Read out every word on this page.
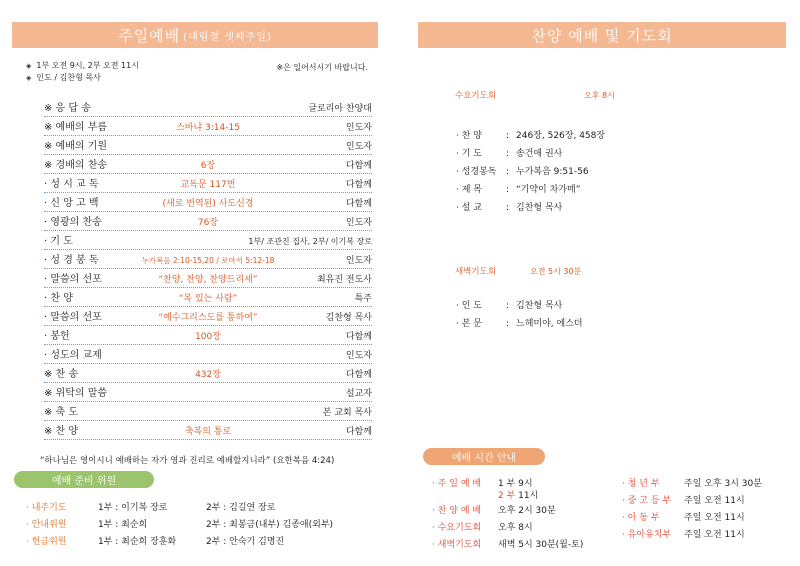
주일예배 (대림절 셋째주일)
◈ 1부 오전 9시, 2부 오전 11시
◈ 인도 / 김찬형 목사
※은 일어서시기 바랍니다.
※ 응 답 송	글로리아 찬양대
※ 예배의 부름	스바냐 3:14-15	인도자
※ 예배의 기원	인도자
※ 경배의 찬송	6장	다함께
· 성 시 교 독	교독문 117번	다함께
· 신 앙 고 백	(새로 번역된) 사도신경	다함께
· 영광의 찬송	76장	인도자
· 기 도	1부/ 조관진 집사, 2부/ 이기복 장로
· 성 경 봉 독	누가복음 2:10-15,20 / 로마서 5:12-18	인도자
· 말씀의 선포	“찬양, 찬양, 찬양드리세”	최유진 전도사
· 찬 양	“복 있는 사람”	특주
· 말씀의 선포	“예수그리스도를 통하여”	김찬형 목사
· 봉헌	100장	다함께
· 성도의 교제	인도자
※ 찬 송	432장	다함께
※ 위탁의 말씀	설교자
※ 축 도	본 교회 목사
※ 찬 양	축복의 통로	다함께
“하나님은 영이시니 예배하는 자가 영과 진리로 예배할지니라” (요한복음 4:24)
예배 준비 위원
· 내주기도	1부 : 이기복 장로	2부 : 김길연 장로
· 안내위원	1부 : 최순희	2부 : 최봉금(내부) 김종애(외부)
· 헌금위원	1부 : 최순희 장훈화	2부 : 안숙기 김명진
찬양 예배 및 기도회
수요기도회	오후 8시
· 찬 양	: 246장, 526장, 458장
· 기 도	: 송건애 권사
· 성경봉독 : 누가복음 9:51-56
· 제 목	: “기약이 차가매”
· 설 교	: 김찬형 목사
새벽기도회	오전 5시 30분
· 인 도	: 김찬형 목사
· 본 문	: 느헤미야, 에스더
예배 시간 안내
· 주 일 예 배 1 부 9시
2 부 11시
· 찬 양 예 배 오후 2시 30분
· 수요기도회 오후 8시
· 새벽기도회 새벽 5시 30분(월-토)
· 청 년 부	주일 오후 3시 30분
· 중 고 등 부 주일 오전 11시
· 아 동 부	주일 오전 11시
· 유아유치부 주일 오전 11시
